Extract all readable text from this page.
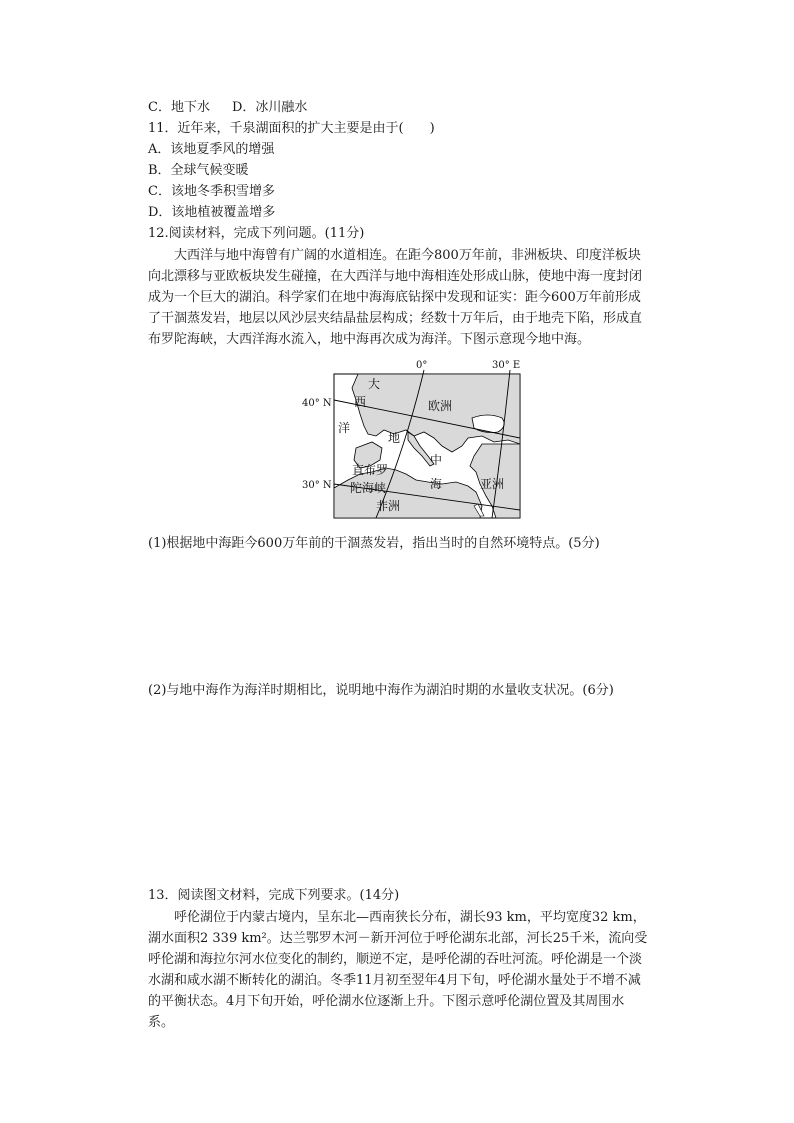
C．地下水 D．冰川融水
11．近年来，千泉湖面积的扩大主要是由于(　　)
A．该地夏季风的增强
B．全球气候变暖
C．该地冬季积雪增多
D．该地植被覆盖增多
12.阅读材料，完成下列问题。(11分)
大西洋与地中海曾有广阔的水道相连。在距今800万年前，非洲板块、印度洋板块向北漂移与亚欧板块发生碰撞，在大西洋与地中海相连处形成山脉，使地中海一度封闭成为一个巨大的湖泊。科学家们在地中海海底钻探中发现和证实：距今600万年前形成了干涸蒸发岩，地层以风沙层夹结晶盐层构成；经数十万年后，由于地壳下陷，形成直布罗陀海峡，大西洋海水流入，地中海再次成为海洋。下图示意现今地中海。
0°	30° E
40° N
30° N
大
西
洋
欧洲
地
中
海	亚洲
直布罗
陀海峡
非洲
(1)根据地中海距今600万年前的干涸蒸发岩，指出当时的自然环境特点。(5分)
(2)与地中海作为海洋时期相比，说明地中海作为湖泊时期的水量收支状况。(6分)
13．阅读图文材料，完成下列要求。(14分)
呼伦湖位于内蒙古境内，呈东北—西南狭长分布，湖长93 km，平均宽度32 km，湖水面积2 339 km²。达兰鄂罗木河－新开河位于呼伦湖东北部，河长25千米，流向受呼伦湖和海拉尔河水位变化的制约，顺逆不定，是呼伦湖的吞吐河流。呼伦湖是一个淡水湖和咸水湖不断转化的湖泊。冬季11月初至翌年4月下旬，呼伦湖水量处于不增不减的平衡状态。4月下旬开始，呼伦湖水位逐渐上升。下图示意呼伦湖位置及其周围水系。
